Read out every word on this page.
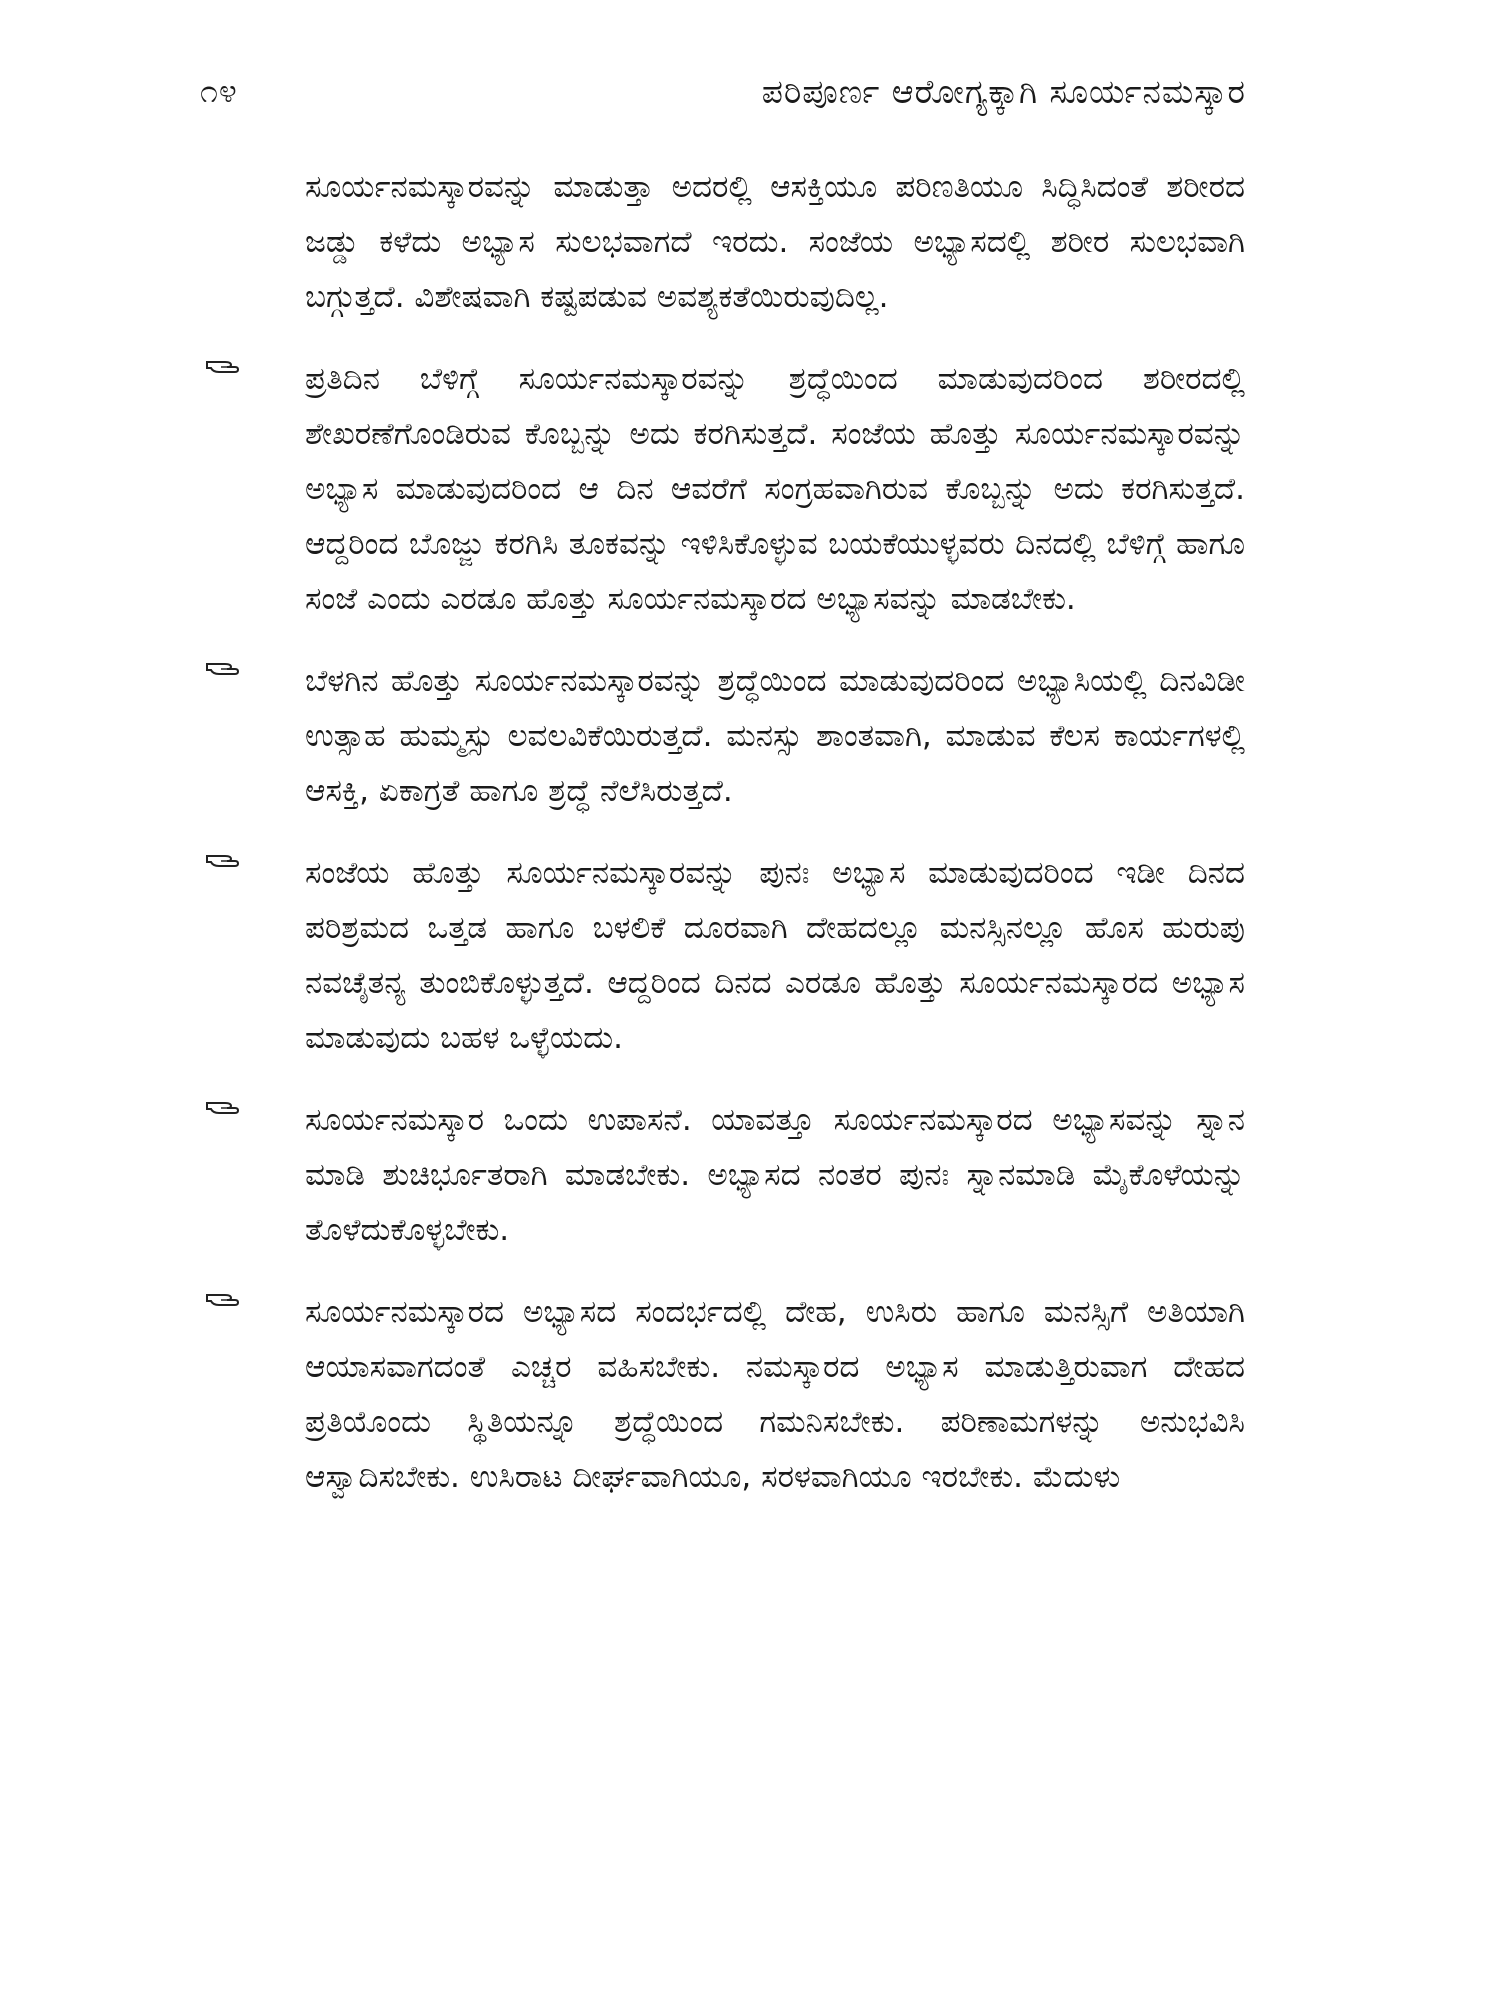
೧೪	ಪರಿಪೂರ್ಣ ಆರೋಗ್ಯಕ್ಕಾಗಿ ಸೂರ್ಯನಮಸ್ಕಾರ

ಸೂರ್ಯನಮಸ್ಕಾರವನ್ನು ಮಾಡುತ್ತಾ ಅದರಲ್ಲಿ ಆಸಕ್ತಿಯೂ ಪರಿಣತಿಯೂ ಸಿದ್ಧಿಸಿದಂತೆ ಶರೀರದ ಜಡ್ಡು ಕಳೆದು ಅಭ್ಯಾಸ ಸುಲಭವಾಗದೆ ಇರದು. ಸಂಜೆಯ ಅಭ್ಯಾಸದಲ್ಲಿ ಶರೀರ ಸುಲಭವಾಗಿ ಬಗ್ಗುತ್ತದೆ. ವಿಶೇಷವಾಗಿ ಕಷ್ಟಪಡುವ ಅವಶ್ಯಕತೆಯಿರುವುದಿಲ್ಲ.

ಪ್ರತಿದಿನ ಬೆಳಿಗ್ಗೆ ಸೂರ್ಯನಮಸ್ಕಾರವನ್ನು ಶ್ರದ್ಧೆಯಿಂದ ಮಾಡುವುದರಿಂದ ಶರೀರದಲ್ಲಿ ಶೇಖರಣೆಗೊಂಡಿರುವ ಕೊಬ್ಬನ್ನು ಅದು ಕರಗಿಸುತ್ತದೆ. ಸಂಜೆಯ ಹೊತ್ತು ಸೂರ್ಯನಮಸ್ಕಾರವನ್ನು ಅಭ್ಯಾಸ ಮಾಡುವುದರಿಂದ ಆ ದಿನ ಆವರೆಗೆ ಸಂಗ್ರಹವಾಗಿರುವ ಕೊಬ್ಬನ್ನು ಅದು ಕರಗಿಸುತ್ತದೆ. ಆದ್ದರಿಂದ ಬೊಜ್ಜು ಕರಗಿಸಿ ತೂಕವನ್ನು ಇಳಿಸಿಕೊಳ್ಳುವ ಬಯಕೆಯುಳ್ಳವರು ದಿನದಲ್ಲಿ ಬೆಳಿಗ್ಗೆ ಹಾಗೂ ಸಂಜೆ ಎಂದು ಎರಡೂ ಹೊತ್ತು ಸೂರ್ಯನಮಸ್ಕಾರದ ಅಭ್ಯಾಸವನ್ನು ಮಾಡಬೇಕು.
ಬೆಳಗಿನ ಹೊತ್ತು ಸೂರ್ಯನಮಸ್ಕಾರವನ್ನು ಶ್ರದ್ಧೆಯಿಂದ ಮಾಡುವುದರಿಂದ ಅಭ್ಯಾಸಿಯಲ್ಲಿ ದಿನವಿಡೀ ಉತ್ಸಾಹ ಹುಮ್ಮಸ್ಸು ಲವಲವಿಕೆಯಿರುತ್ತದೆ. ಮನಸ್ಸು ಶಾಂತವಾಗಿ, ಮಾಡುವ ಕೆಲಸ ಕಾರ್ಯಗಳಲ್ಲಿ ಆಸಕ್ತಿ, ಏಕಾಗ್ರತೆ ಹಾಗೂ ಶ್ರದ್ಧೆ ನೆಲೆಸಿರುತ್ತದೆ.
ಸಂಜೆಯ ಹೊತ್ತು ಸೂರ್ಯನಮಸ್ಕಾರವನ್ನು ಪುನಃ ಅಭ್ಯಾಸ ಮಾಡುವುದರಿಂದ ಇಡೀ ದಿನದ ಪರಿಶ್ರಮದ ಒತ್ತಡ ಹಾಗೂ ಬಳಲಿಕೆ ದೂರವಾಗಿ ದೇಹದಲ್ಲೂ ಮನಸ್ಸಿನಲ್ಲೂ ಹೊಸ ಹುರುಪು ನವಚೈತನ್ಯ ತುಂಬಿಕೊಳ್ಳುತ್ತದೆ. ಆದ್ದರಿಂದ ದಿನದ ಎರಡೂ ಹೊತ್ತು ಸೂರ್ಯನಮಸ್ಕಾರದ ಅಭ್ಯಾಸ ಮಾಡುವುದು ಬಹಳ ಒಳ್ಳೆಯದು.
ಸೂರ್ಯನಮಸ್ಕಾರ ಒಂದು ಉಪಾಸನೆ. ಯಾವತ್ತೂ ಸೂರ್ಯನಮಸ್ಕಾರದ ಅಭ್ಯಾಸವನ್ನು ಸ್ನಾನ ಮಾಡಿ ಶುಚಿರ್ಭೂತರಾಗಿ ಮಾಡಬೇಕು. ಅಭ್ಯಾಸದ ನಂತರ ಪುನಃ ಸ್ನಾನಮಾಡಿ ಮೈಕೊಳೆಯನ್ನು ತೊಳೆದುಕೊಳ್ಳಬೇಕು.
ಸೂರ್ಯನಮಸ್ಕಾರದ ಅಭ್ಯಾಸದ ಸಂದರ್ಭದಲ್ಲಿ ದೇಹ, ಉಸಿರು ಹಾಗೂ ಮನಸ್ಸಿಗೆ ಅತಿಯಾಗಿ ಆಯಾಸವಾಗದಂತೆ ಎಚ್ಚರ ವಹಿಸಬೇಕು. ನಮಸ್ಕಾರದ ಅಭ್ಯಾಸ ಮಾಡುತ್ತಿರುವಾಗ ದೇಹದ ಪ್ರತಿಯೊಂದು ಸ್ಥಿತಿಯನ್ನೂ ಶ್ರದ್ಧೆಯಿಂದ ಗಮನಿಸಬೇಕು. ಪರಿಣಾಮಗಳನ್ನು ಅನುಭವಿಸಿ ಆಸ್ವಾದಿಸಬೇಕು. ಉಸಿರಾಟ ದೀರ್ಘವಾಗಿಯೂ, ಸರಳವಾಗಿಯೂ ಇರಬೇಕು. ಮೆದುಳು
